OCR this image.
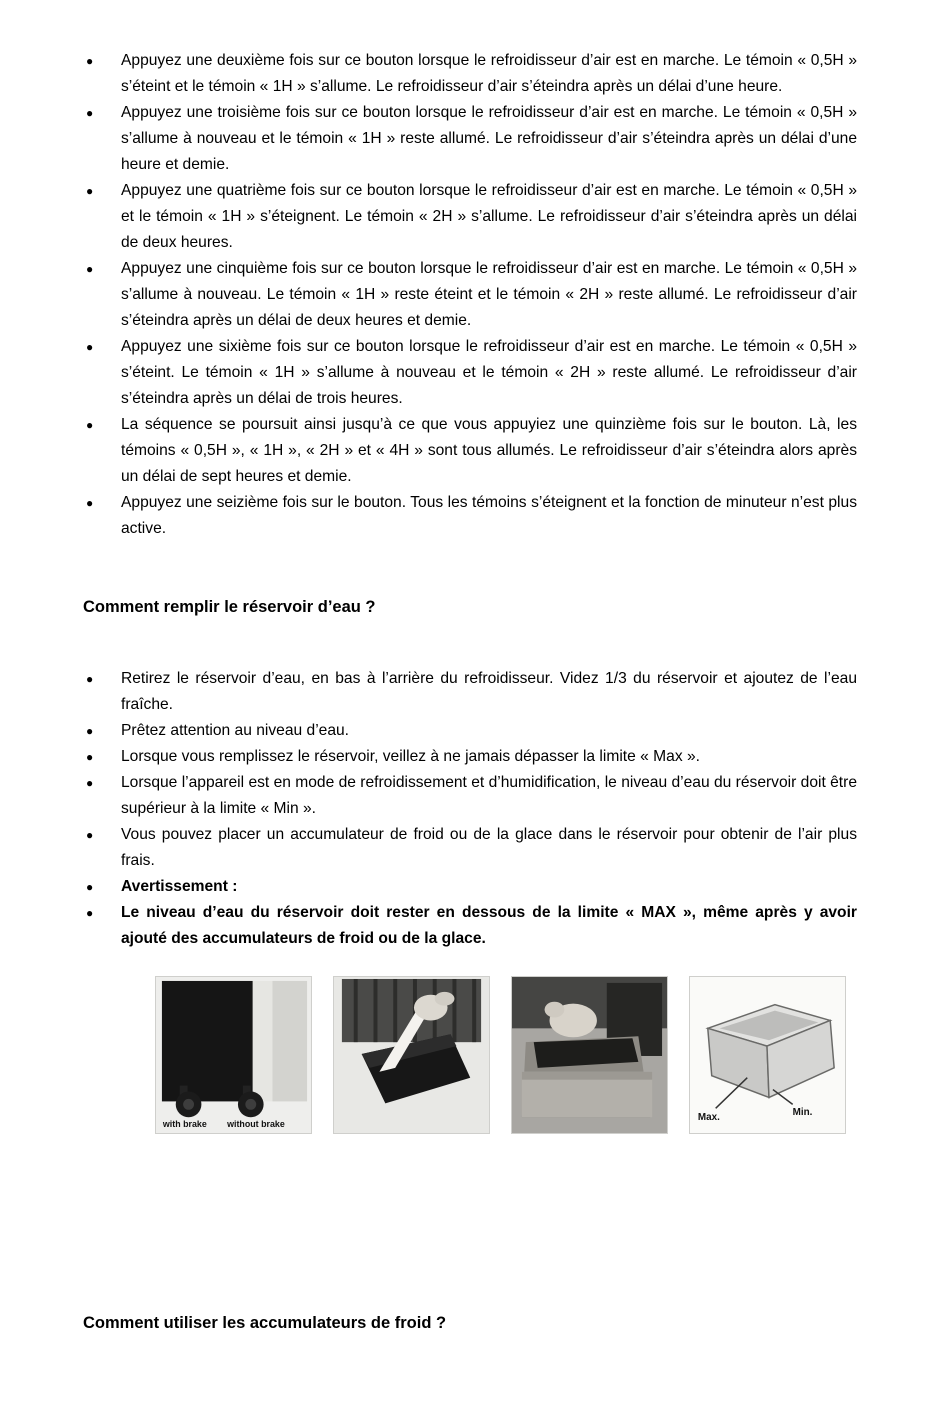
● Appuyez une deuxième fois sur ce bouton lorsque le refroidisseur d’air est en marche. Le témoin « 0,5H » s’éteint et le témoin « 1H » s’allume. Le refroidisseur d’air s’éteindra après un délai d’une heure.
● Appuyez une troisième fois sur ce bouton lorsque le refroidisseur d’air est en marche. Le témoin « 0,5H » s’allume à nouveau et le témoin « 1H » reste allumé. Le refroidisseur d’air s’éteindra après un délai d’une heure et demie.
● Appuyez une quatrième fois sur ce bouton lorsque le refroidisseur d’air est en marche. Le témoin « 0,5H » et le témoin « 1H » s’éteignent. Le témoin « 2H » s’allume. Le refroidisseur d’air s’éteindra après un délai de deux heures.
● Appuyez une cinquième fois sur ce bouton lorsque le refroidisseur d’air est en marche. Le témoin « 0,5H » s’allume à nouveau. Le témoin « 1H » reste éteint et le témoin « 2H » reste allumé. Le refroidisseur d’air s’éteindra après un délai de deux heures et demie.
● Appuyez une sixième fois sur ce bouton lorsque le refroidisseur d’air est en marche. Le témoin « 0,5H » s’éteint. Le témoin « 1H » s’allume à nouveau et le témoin « 2H » reste allumé. Le refroidisseur d’air s’éteindra après un délai de trois heures.
● La séquence se poursuit ainsi jusqu’à ce que vous appuyiez une quinzième fois sur le bouton. Là, les témoins « 0,5H », « 1H », « 2H » et « 4H » sont tous allumés. Le refroidisseur d’air s’éteindra alors après un délai de sept heures et demie.
● Appuyez une seizième fois sur le bouton. Tous les témoins s’éteignent et la fonction de minuteur n’est plus active.
Comment remplir le réservoir d’eau ?
● Retirez le réservoir d’eau, en bas à l’arrière du refroidisseur. Videz 1/3 du réservoir et ajoutez de l’eau fraîche.
● Prêtez attention au niveau d’eau.
● Lorsque vous remplissez le réservoir, veillez à ne jamais dépasser la limite « Max ».
● Lorsque l’appareil est en mode de refroidissement et d’humidification, le niveau d’eau du réservoir doit être supérieur à la limite « Min ».
● Vous pouvez placer un accumulateur de froid ou de la glace dans le réservoir pour obtenir de l’air plus frais.
● Avertissement :
● Le niveau d’eau du réservoir doit rester en dessous de la limite « MAX », même après y avoir ajouté des accumulateurs de froid ou de la glace.
with brake without brake
Max.	Min.
Comment utiliser les accumulateurs de froid ?
